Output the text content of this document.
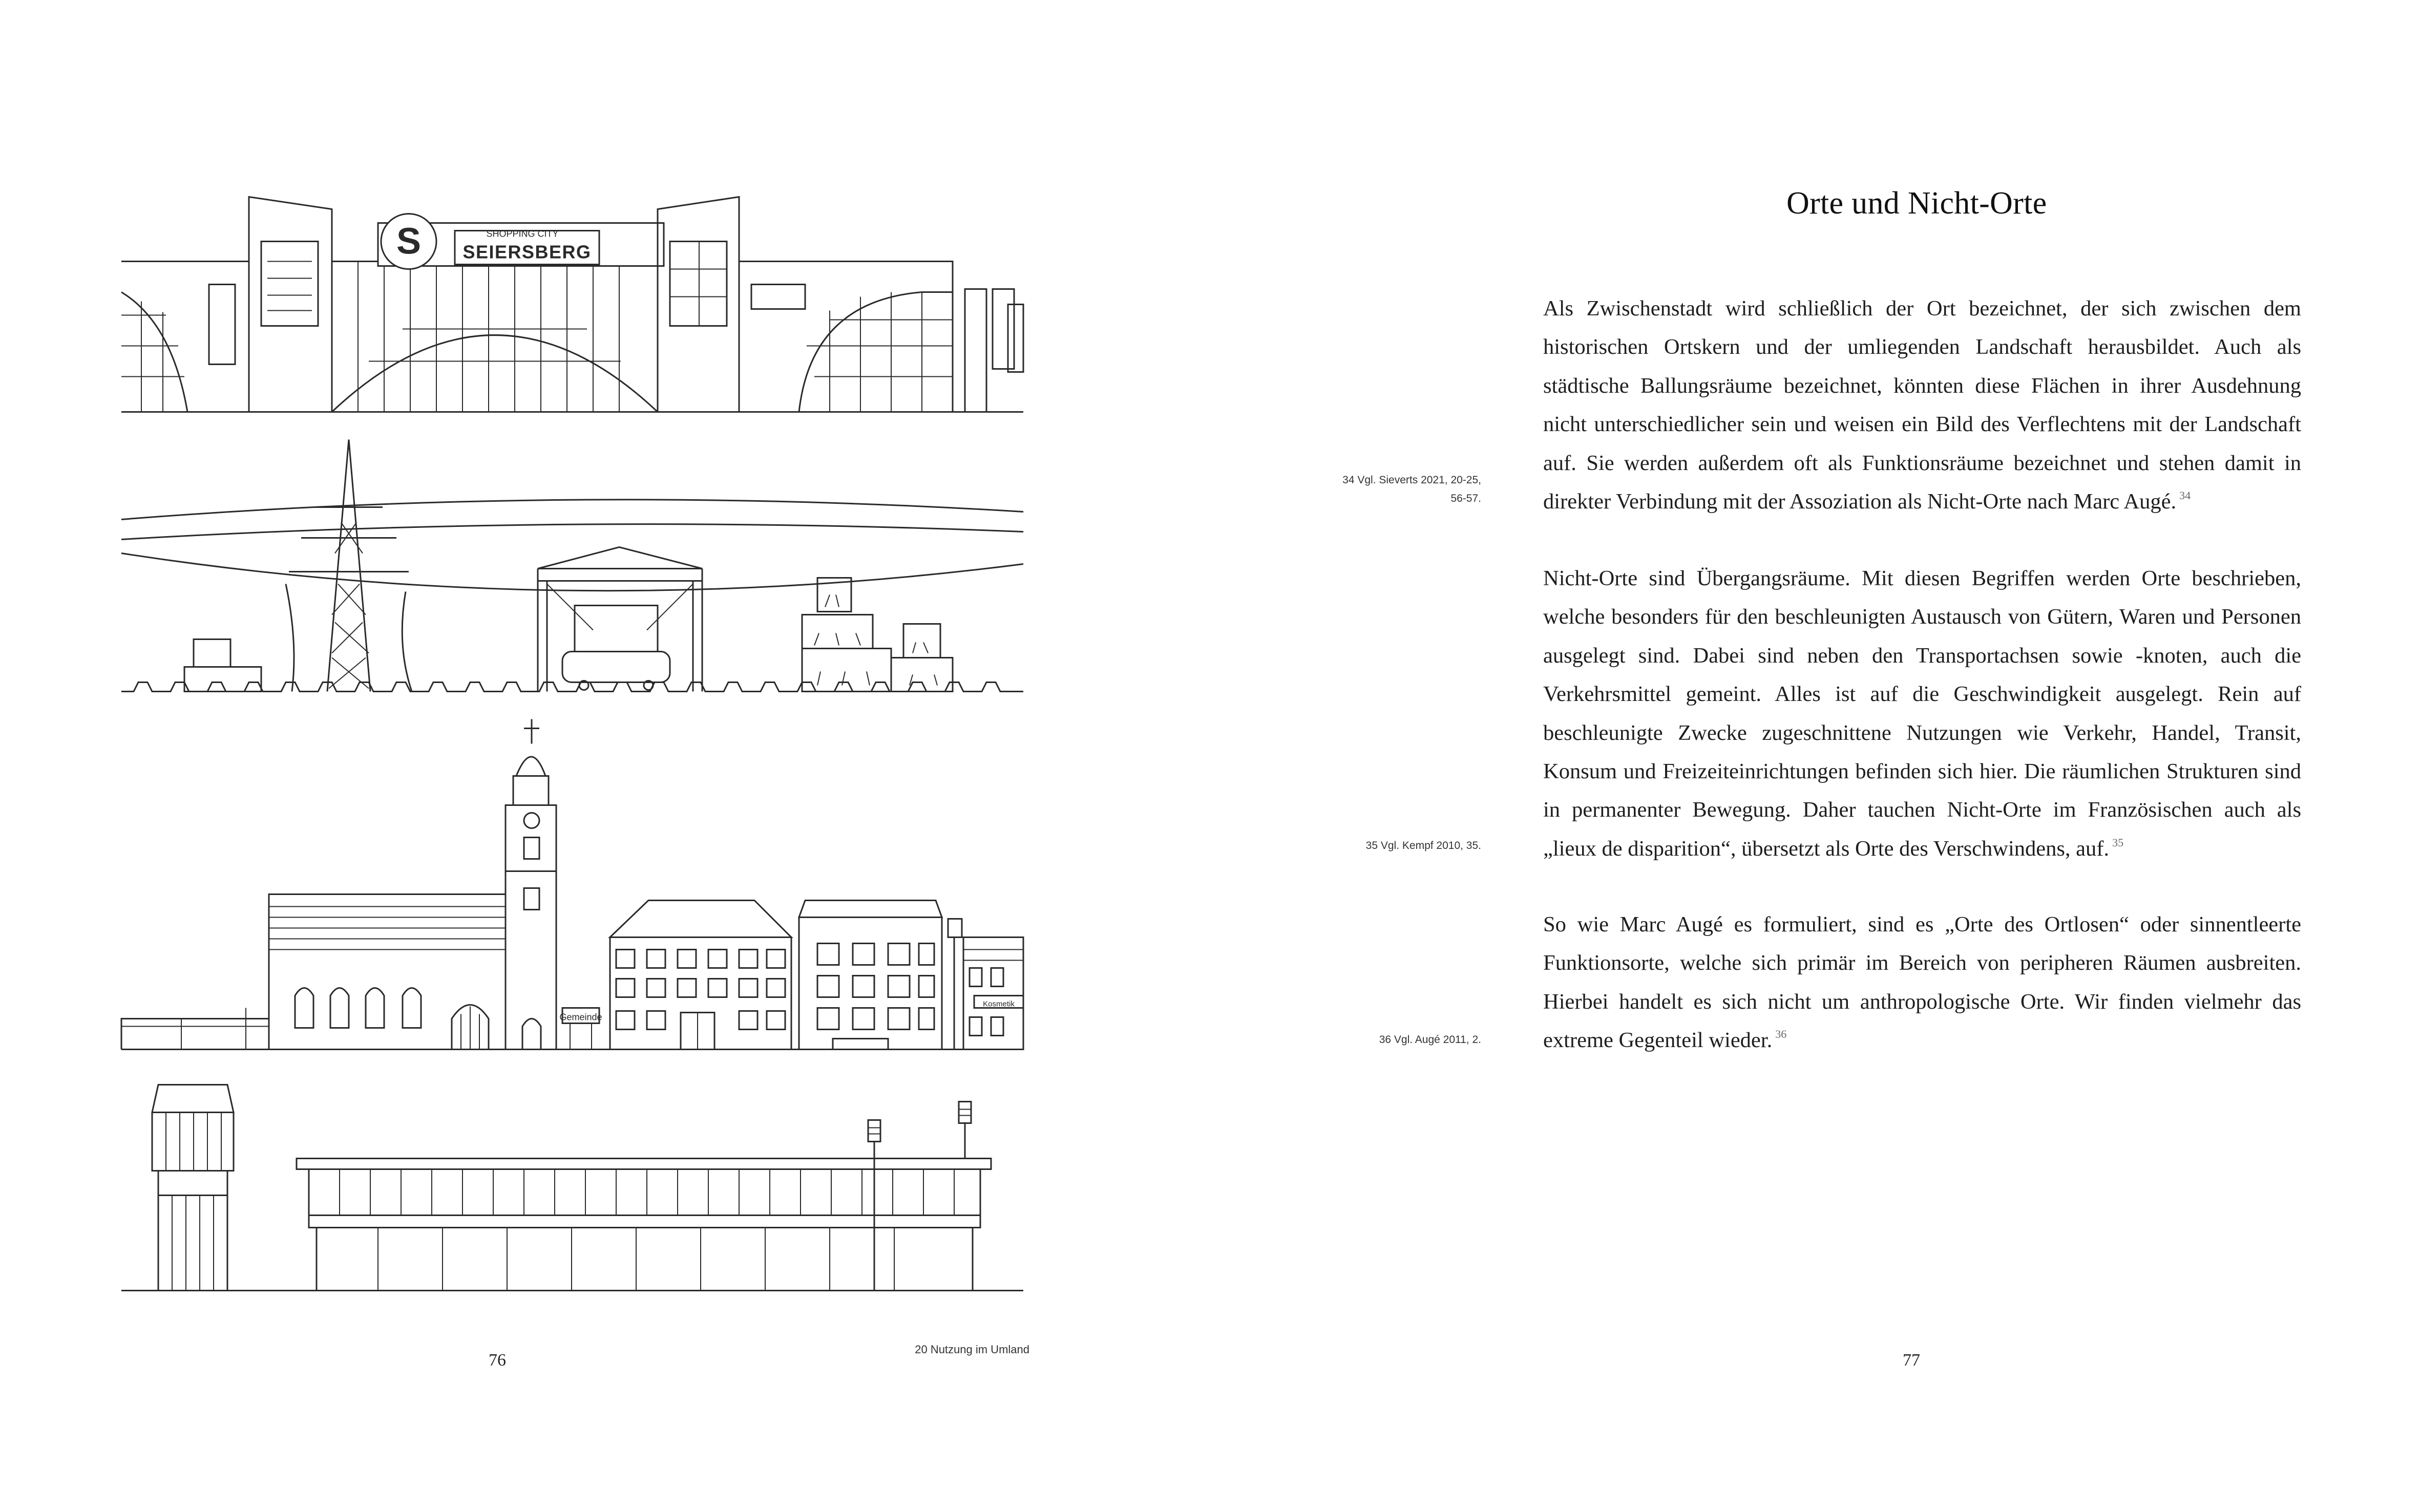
S	SHOPPING CITY
SEIERSBERG
Gemeinde
Kosmetik
20 Nutzung im Umland
76	77
34 Vgl. Sieverts 2021, 20-25,
56-57.
35 Vgl. Kempf 2010, 35.
36 Vgl. Augé 2011, 2.
Orte und Nicht-Orte

Als Zwischenstadt wird schließlich der Ort bezeichnet, der sich zwischen dem historischen Ortskern und der umliegenden Landschaft herausbildet. Auch als städtische Ballungsräume bezeichnet, könnten diese Flächen in ihrer Ausdehnung nicht unterschiedlicher sein und weisen ein Bild des Verflechtens mit der Landschaft auf. Sie werden außerdem oft als Funktionsräume bezeichnet und stehen damit in direkter Verbindung mit der Assoziation als Nicht-Orte nach Marc Augé. $^{34}$

Nicht-Orte sind Übergangsräume. Mit diesen Begriffen werden Orte beschrieben, welche besonders für den beschleunigten Austausch von Gütern, Waren und Personen ausgelegt sind. Dabei sind neben den Transportachsen sowie -knoten, auch die Verkehrsmittel gemeint. Alles ist auf die Geschwindigkeit ausgelegt. Rein auf beschleunigte Zwecke zugeschnittene Nutzungen wie Verkehr, Handel, Transit, Konsum und Freizeiteinrichtungen befinden sich hier. Die räumlichen Strukturen sind in permanenter Bewegung. Daher tauchen Nicht-Orte im Französischen auch als „lieux de disparition“, übersetzt als Orte des Verschwindens, auf. $^{35}$

So wie Marc Augé es formuliert, sind es „Orte des Ortlosen“ oder sinnentleerte Funktionsorte, welche sich primär im Bereich von peripheren Räumen ausbreiten. Hierbei handelt es sich nicht um anthropologische Orte. Wir finden vielmehr das extreme Gegenteil wieder. $^{36}$
